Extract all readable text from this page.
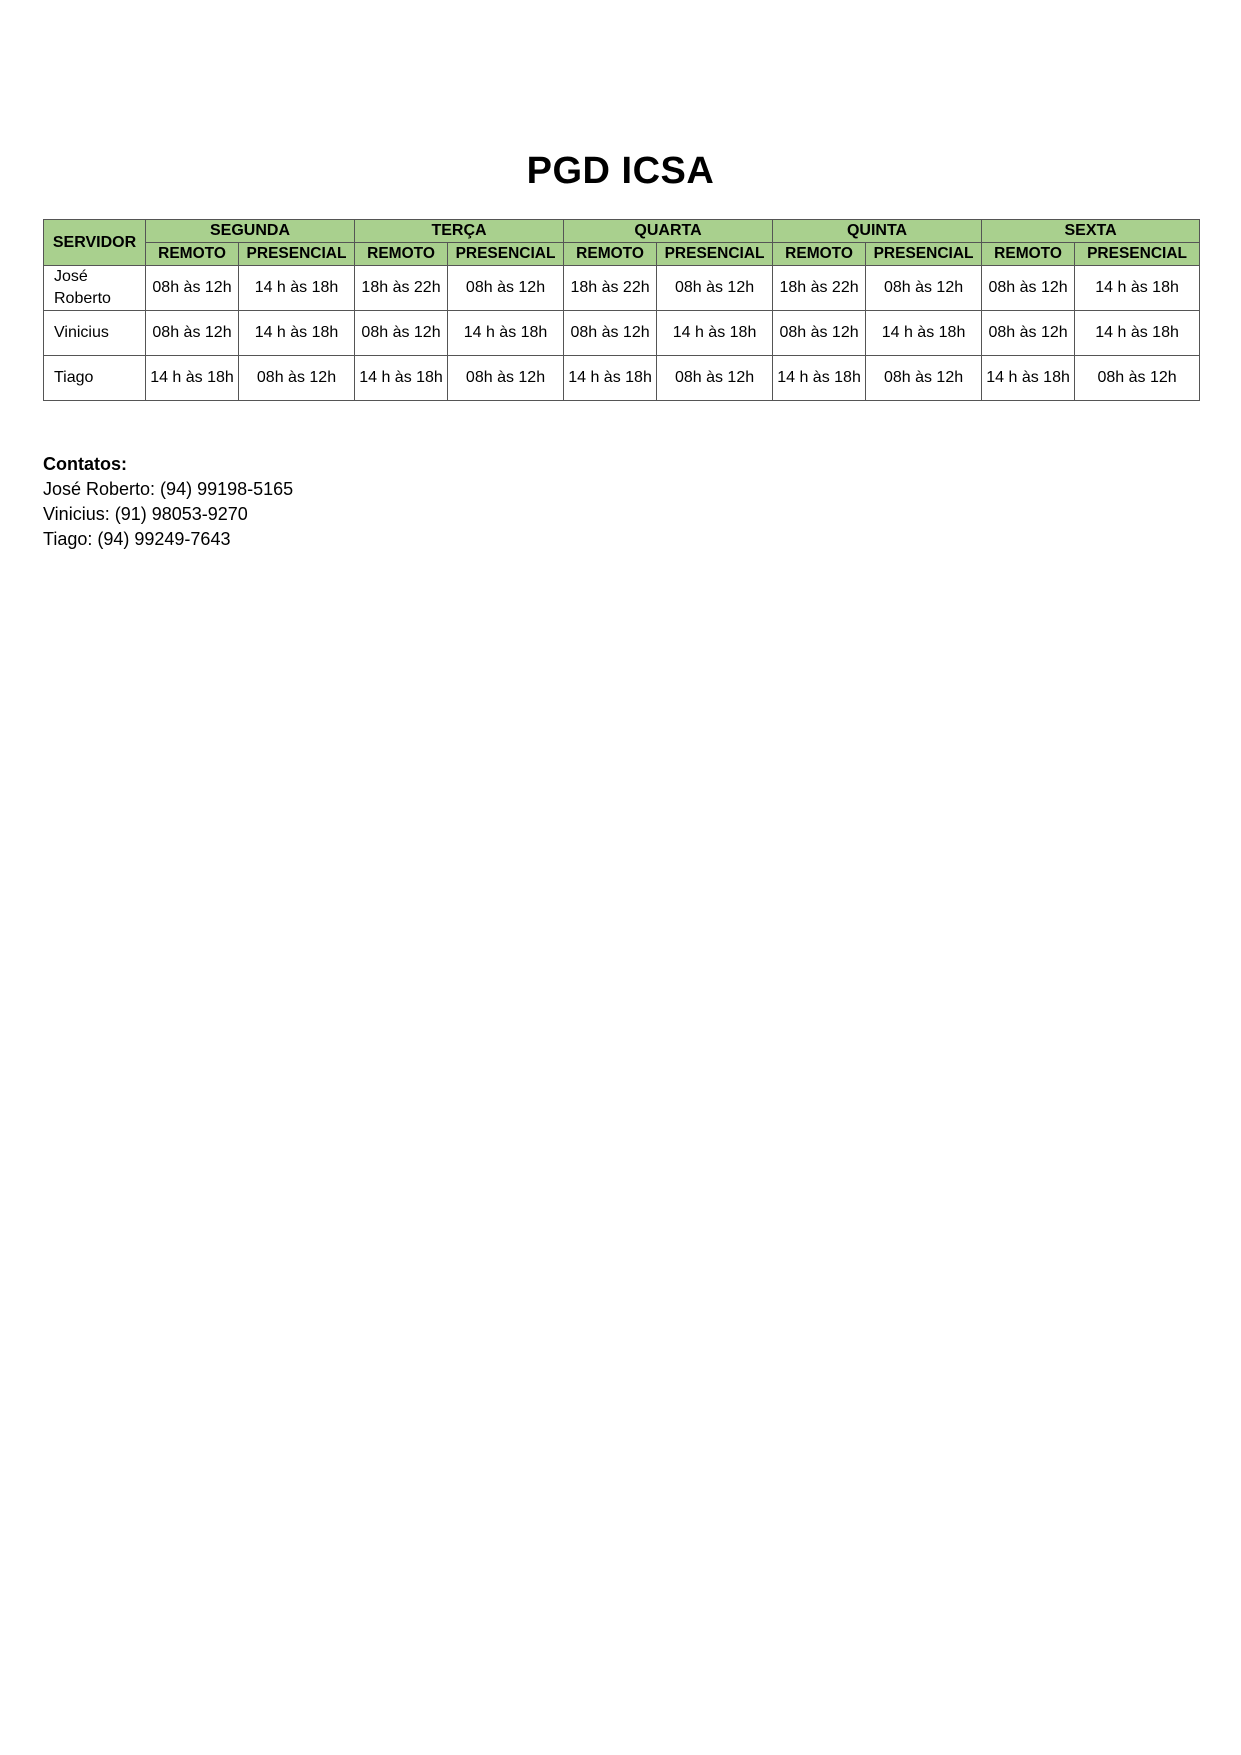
PGD ICSA
SERVIDOR	SEGUNDA		TERÇA		QUARTA		QUINTA		SEXTA	
	REMOTO	PRESENCIAL	REMOTO	PRESENCIAL	REMOTO	PRESENCIAL	REMOTO	PRESENCIAL	REMOTO	PRESENCIAL
José Roberto	08h às 12h	14 h às 18h	18h às 22h	08h às 12h	18h às 22h	08h às 12h	18h às 22h	08h às 12h	08h às 12h	14 h às 18h
Vinicius	08h às 12h	14 h às 18h	08h às 12h	14 h às 18h	08h às 12h	14 h às 18h	08h às 12h	14 h às 18h	08h às 12h	14 h às 18h
Tiago	14 h às 18h	08h às 12h	14 h às 18h	08h às 12h	14 h às 18h	08h às 12h	14 h às 18h	08h às 12h	14 h às 18h	08h às 12h
Contatos:
José Roberto: (94) 99198-5165
Vinicius: (91) 98053-9270
Tiago: (94) 99249-7643
